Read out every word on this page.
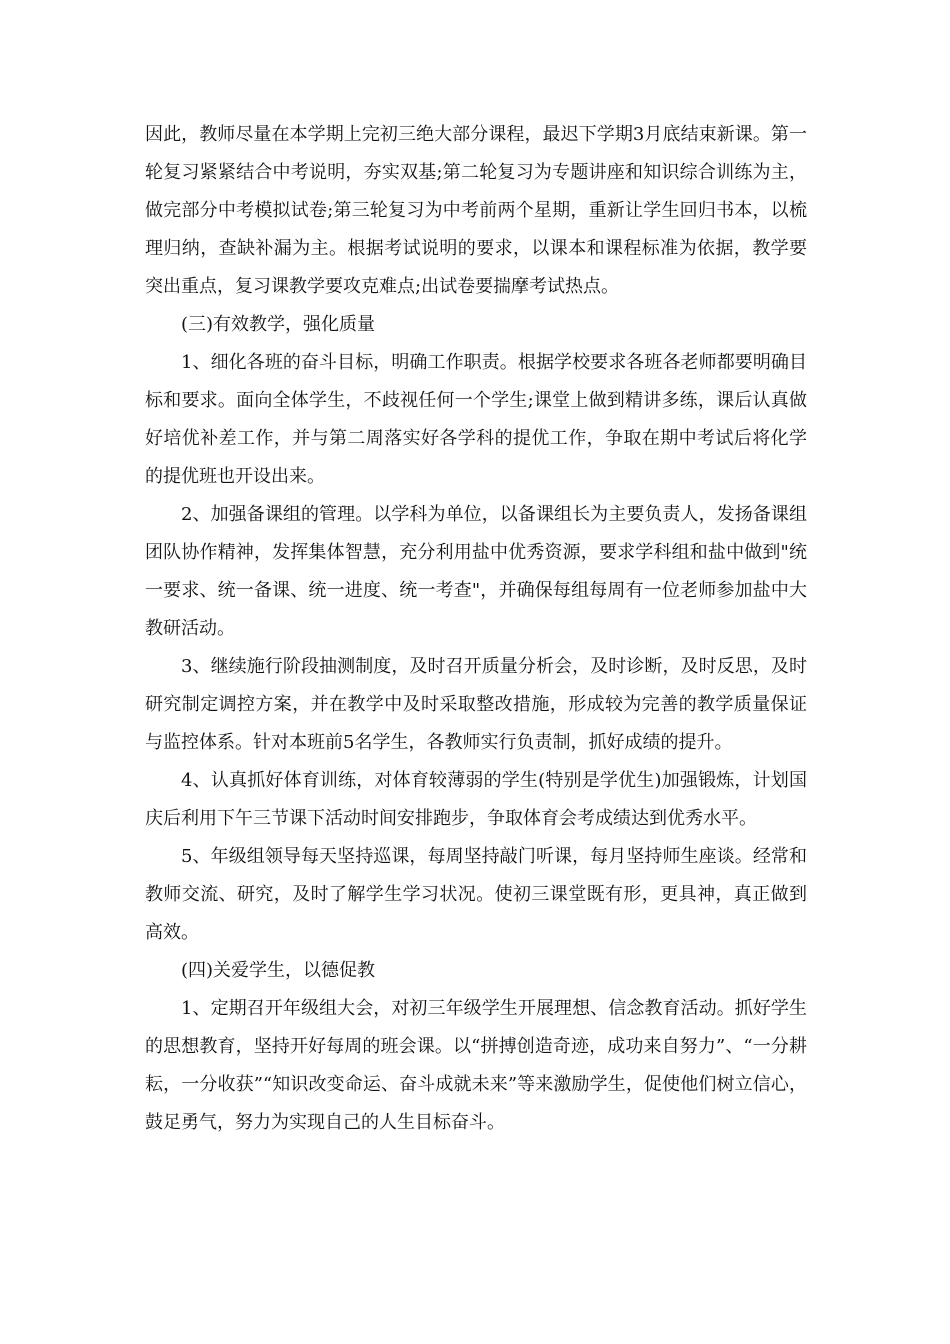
因此，教师尽量在本学期上完初三绝大部分课程，最迟下学期3月底结束新课。第一轮复习紧紧结合中考说明，夯实双基;第二轮复习为专题讲座和知识综合训练为主，做完部分中考模拟试卷;第三轮复习为中考前两个星期，重新让学生回归书本，以梳理归纳，查缺补漏为主。根据考试说明的要求，以课本和课程标准为依据，教学要突出重点，复习课教学要攻克难点;出试卷要揣摩考试热点。

(三)有效教学，强化质量

1、细化各班的奋斗目标，明确工作职责。根据学校要求各班各老师都要明确目标和要求。面向全体学生，不歧视任何一个学生;课堂上做到精讲多练，课后认真做好培优补差工作，并与第二周落实好各学科的提优工作，争取在期中考试后将化学的提优班也开设出来。

2、加强备课组的管理。以学科为单位，以备课组长为主要负责人，发扬备课组团队协作精神，发挥集体智慧，充分利用盐中优秀资源，要求学科组和盐中做到"统一要求、统一备课、统一进度、统一考查"，并确保每组每周有一位老师参加盐中大教研活动。

3、继续施行阶段抽测制度，及时召开质量分析会，及时诊断，及时反思，及时研究制定调控方案，并在教学中及时采取整改措施，形成较为完善的教学质量保证与监控体系。针对本班前5名学生，各教师实行负责制，抓好成绩的提升。

4、认真抓好体育训练，对体育较薄弱的学生(特别是学优生)加强锻炼，计划国庆后利用下午三节课下活动时间安排跑步，争取体育会考成绩达到优秀水平。

5、年级组领导每天坚持巡课，每周坚持敲门听课，每月坚持师生座谈。经常和教师交流、研究，及时了解学生学习状况。使初三课堂既有形，更具神，真正做到高效。

(四)关爱学生，以德促教

1、定期召开年级组大会，对初三年级学生开展理想、信念教育活动。抓好学生的思想教育，坚持开好每周的班会课。以“拼搏创造奇迹，成功来自努力”、“一分耕耘，一分收获”“知识改变命运、奋斗成就未来”等来激励学生，促使他们树立信心，鼓足勇气，努力为实现自己的人生目标奋斗。
